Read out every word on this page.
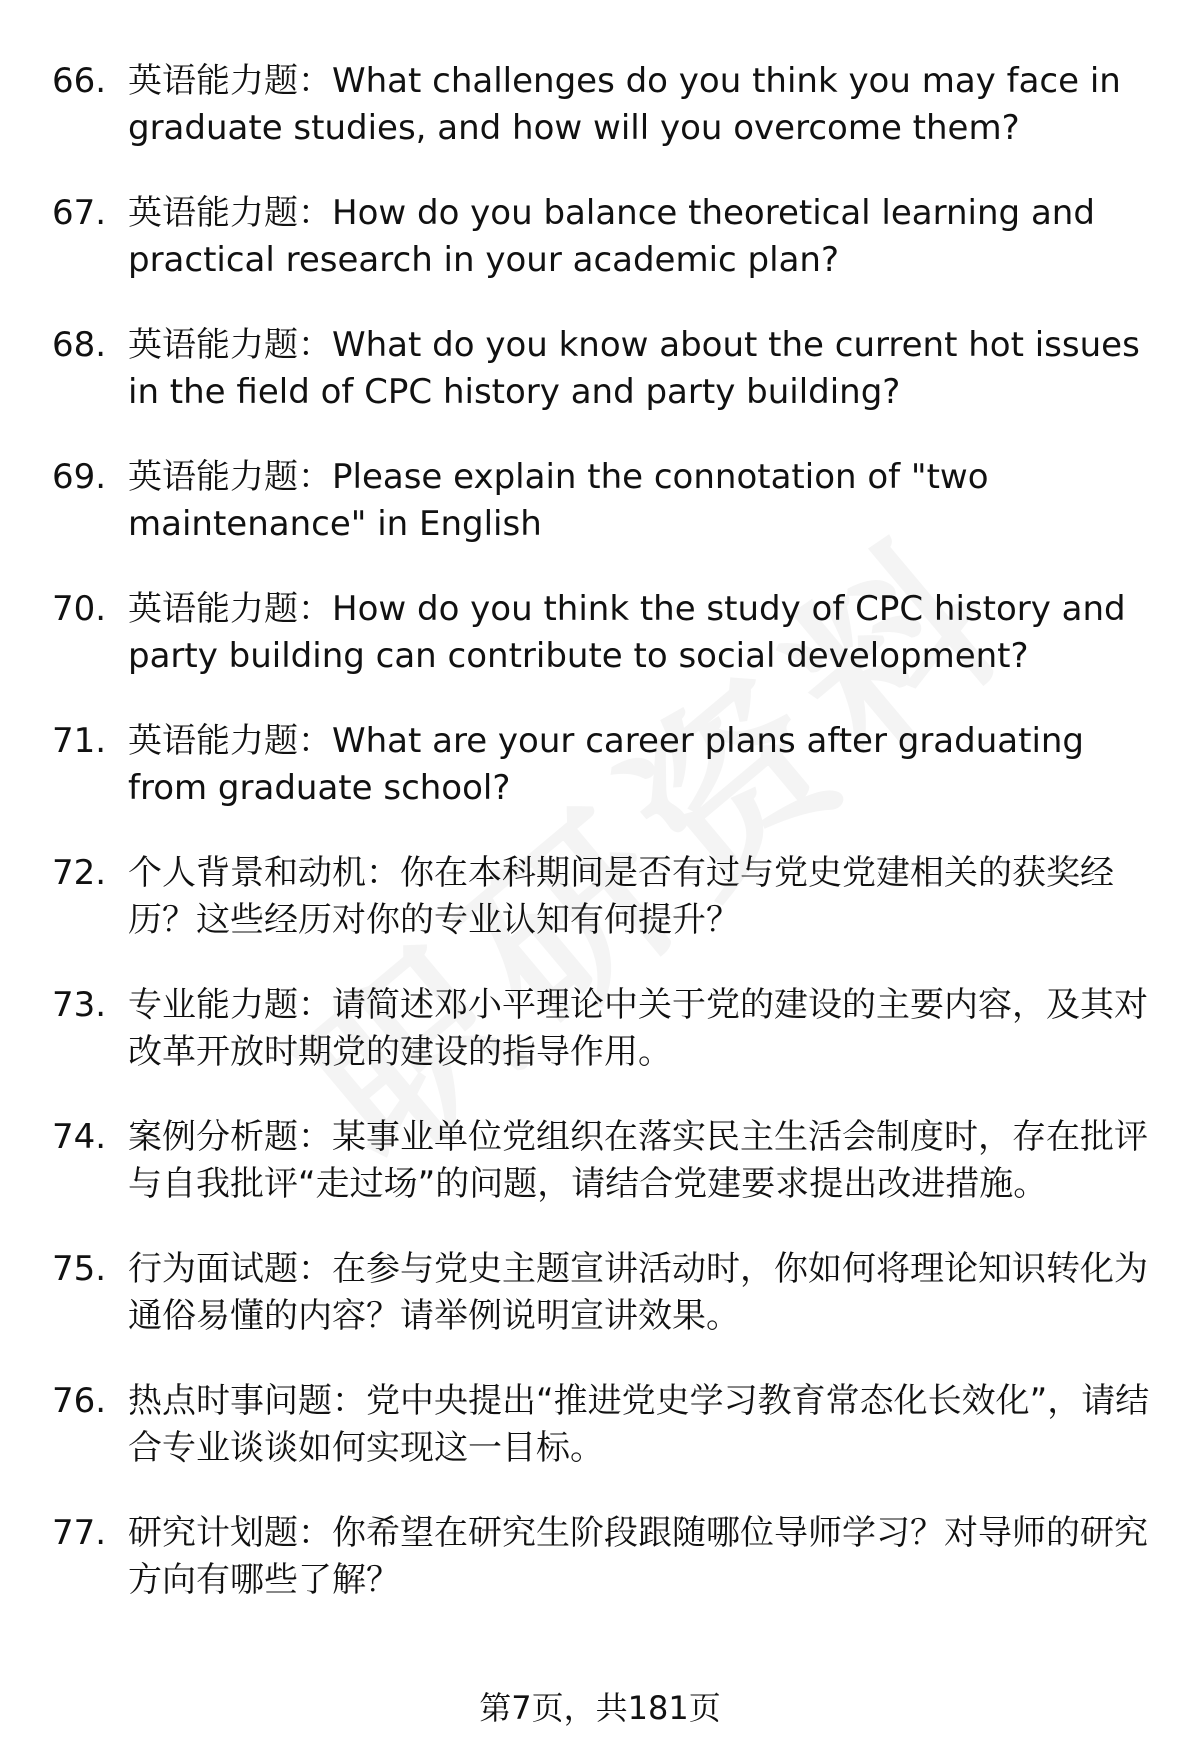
66. 英语能力题：What challenges do you think you may face in graduate studies, and how will you overcome them?
67. 英语能力题：How do you balance theoretical learning and practical research in your academic plan?
68. 英语能力题：What do you know about the current hot issues in the field of CPC history and party building?
69. 英语能力题：Please explain the connotation of "two maintenance" in English
70. 英语能力题：How do you think the study of CPC history and party building can contribute to social development?
71. 英语能力题：What are your career plans after graduating from graduate school?
72. 个人背景和动机：你在本科期间是否有过与党史党建相关的获奖经历？这些经历对你的专业认知有何提升？
73. 专业能力题：请简述邓小平理论中关于党的建设的主要内容，及其对改革开放时期党的建设的指导作用。
74. 案例分析题：某事业单位党组织在落实民主生活会制度时，存在批评与自我批评“走过场”的问题，请结合党建要求提出改进措施。
75. 行为面试题：在参与党史主题宣讲活动时，你如何将理论知识转化为通俗易懂的内容？请举例说明宣讲效果。
76. 热点时事问题：党中央提出“推进党史学习教育常态化长效化”，请结合专业谈谈如何实现这一目标。
77. 研究计划题：你希望在研究生阶段跟随哪位导师学习？对导师的研究方向有哪些了解？
第7页，共181页
